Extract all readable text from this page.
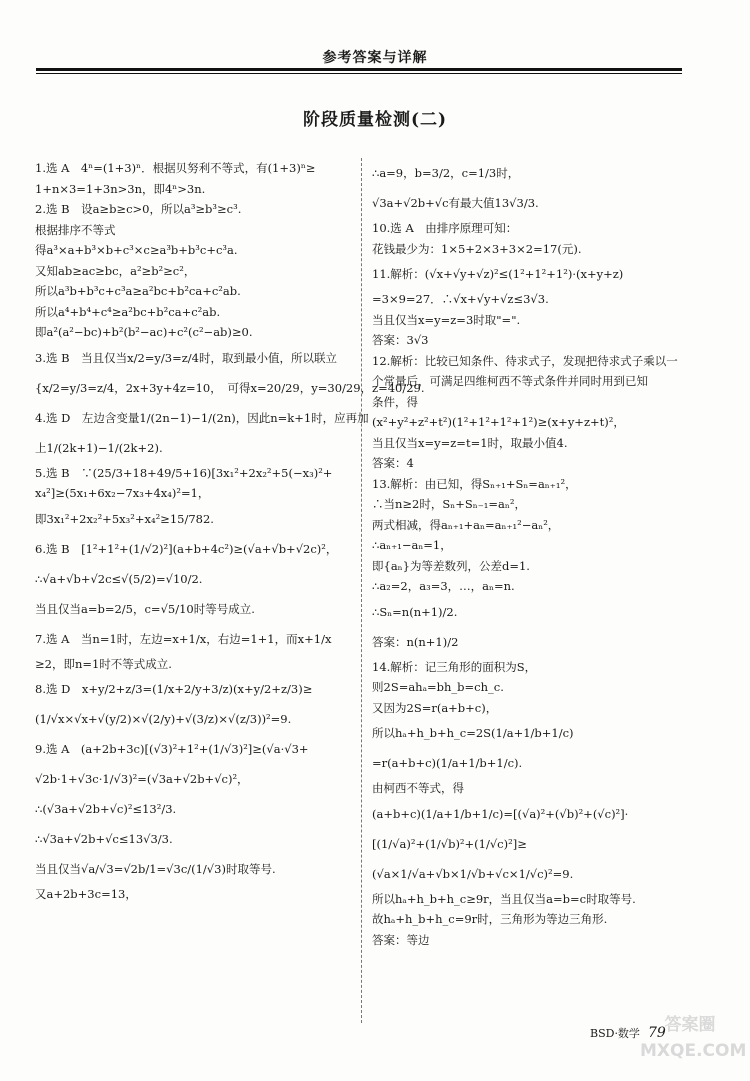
参考答案与详解
阶段质量检测(二)
1.选 A　4ⁿ=(1+3)ⁿ．根据贝努利不等式，有(1+3)ⁿ≥
1+n×3=1+3n>3n，即4ⁿ>3n.
2.选 B　设a≥b≥c>0，所以a³≥b³≥c³.
根据排序不等式
得a³×a+b³×b+c³×c≥a³b+b³c+c³a.
又知ab≥ac≥bc，a²≥b²≥c²，
所以a³b+b³c+c³a≥a²bc+b²ca+c²ab.
所以a⁴+b⁴+c⁴≥a²bc+b²ca+c²ab.
即a²(a²−bc)+b²(b²−ac)+c²(c²−ab)≥0.
3.选 B　当且仅当x/2=y/3=z/4时，取到最小值，所以联立
{x/2=y/3=z/4，2x+3y+4z=10，　可得x=20/29，y=30/29，z=40/29.
4.选 D　左边含变量1/(2n−1)−1/(2n)，因此n=k+1时，应再加
上1/(2k+1)−1/(2k+2).
5.选 B　∵(25/3+18+49/5+16)[3x₁²+2x₂²+5(−x₃)²+
x₄²]≥(5x₁+6x₂−7x₃+4x₄)²=1，
即3x₁²+2x₂²+5x₃²+x₄²≥15/782.
6.选 B　[1²+1²+(1/√2)²](a+b+4c²)≥(√a+√b+√2c)²，
∴√a+√b+√2c≤√(5/2)=√10/2.
当且仅当a=b=2/5，c=√5/10时等号成立.
7.选 A　当n=1时，左边=x+1/x，右边=1+1，而x+1/x
≥2，即n=1时不等式成立.
8.选 D　x+y/2+z/3=(1/x+2/y+3/z)(x+y/2+z/3)≥
(1/√x×√x+√(y/2)×√(2/y)+√(3/z)×√(z/3))²=9.
9.选 A　(a+2b+3c)[(√3)²+1²+(1/√3)²]≥(√a·√3+
√2b·1+√3c·1/√3)²=(√3a+√2b+√c)²，
∴(√3a+√2b+√c)²≤13²/3.
∴√3a+√2b+√c≤13√3/3.
当且仅当√a/√3=√2b/1=√3c/(1/√3)时取等号.
又a+2b+3c=13，
∴a=9，b=3/2，c=1/3时，
√3a+√2b+√c有最大值13√3/3.
10.选 A　由排序原理可知：
花钱最少为：1×5+2×3+3×2=17(元).
11.解析：(√x+√y+√z)²≤(1²+1²+1²)·(x+y+z)
=3×9=27．∴√x+√y+√z≤3√3.
当且仅当x=y=z=3时取"=".
答案：3√3
12.解析：比较已知条件、待求式子，发现把待求式子乘以一
个常量后，可满足四维柯西不等式条件并同时用到已知
条件，得
(x²+y²+z²+t²)(1²+1²+1²+1²)≥(x+y+z+t)²，
当且仅当x=y=z=t=1时，取最小值4.
答案：4
13.解析：由已知，得Sₙ₊₁+Sₙ=aₙ₊₁²，
∴当n≥2时，Sₙ+Sₙ₋₁=aₙ²，
两式相减，得aₙ₊₁+aₙ=aₙ₊₁²−aₙ²，
∴aₙ₊₁−aₙ=1，
即{aₙ}为等差数列，公差d=1.
∴a₂=2，a₃=3，…，aₙ=n.
∴Sₙ=n(n+1)/2.
答案：n(n+1)/2
14.解析：记三角形的面积为S，
则2S=ahₐ=bh_b=ch_c.
又因为2S=r(a+b+c)，
所以hₐ+h_b+h_c=2S(1/a+1/b+1/c)
=r(a+b+c)(1/a+1/b+1/c).
由柯西不等式，得
(a+b+c)(1/a+1/b+1/c)=[(√a)²+(√b)²+(√c)²]·
[(1/√a)²+(1/√b)²+(1/√c)²]≥
(√a×1/√a+√b×1/√b+√c×1/√c)²=9.
所以hₐ+h_b+h_c≥9r，当且仅当a=b=c时取等号.
故hₐ+h_b+h_c=9r时，三角形为等边三角形.
答案：等边
BSD·数学 79
答案圈
MXQE.COM
